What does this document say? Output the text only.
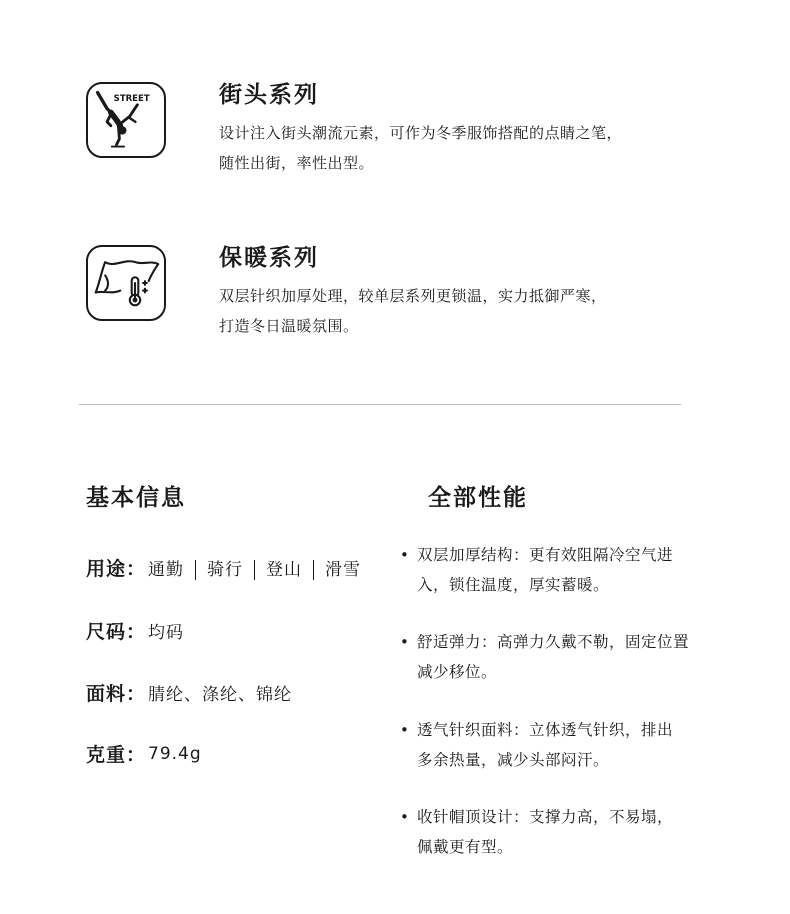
STREET	街头系列
设计注入街头潮流元素，可作为冬季服饰搭配的点睛之笔，
随性出街，率性出型。
保暖系列
双层针织加厚处理，较单层系列更锁温，实力抵御严寒，
打造冬日温暖氛围。
基本信息
用途： 通勤 骑行 登山 滑雪
尺码： 均码
面料： 腈纶、涤纶、锦纶
克重： 79.4g
全部性能
• 双层加厚结构：更有效阻隔冷空气进
入，锁住温度，厚实蓄暖。
• 舒适弹力：高弹力久戴不勒，固定位置
减少移位。
• 透气针织面料：立体透气针织，排出
多余热量，减少头部闷汗。
• 收针帽顶设计：支撑力高，不易塌，
佩戴更有型。
